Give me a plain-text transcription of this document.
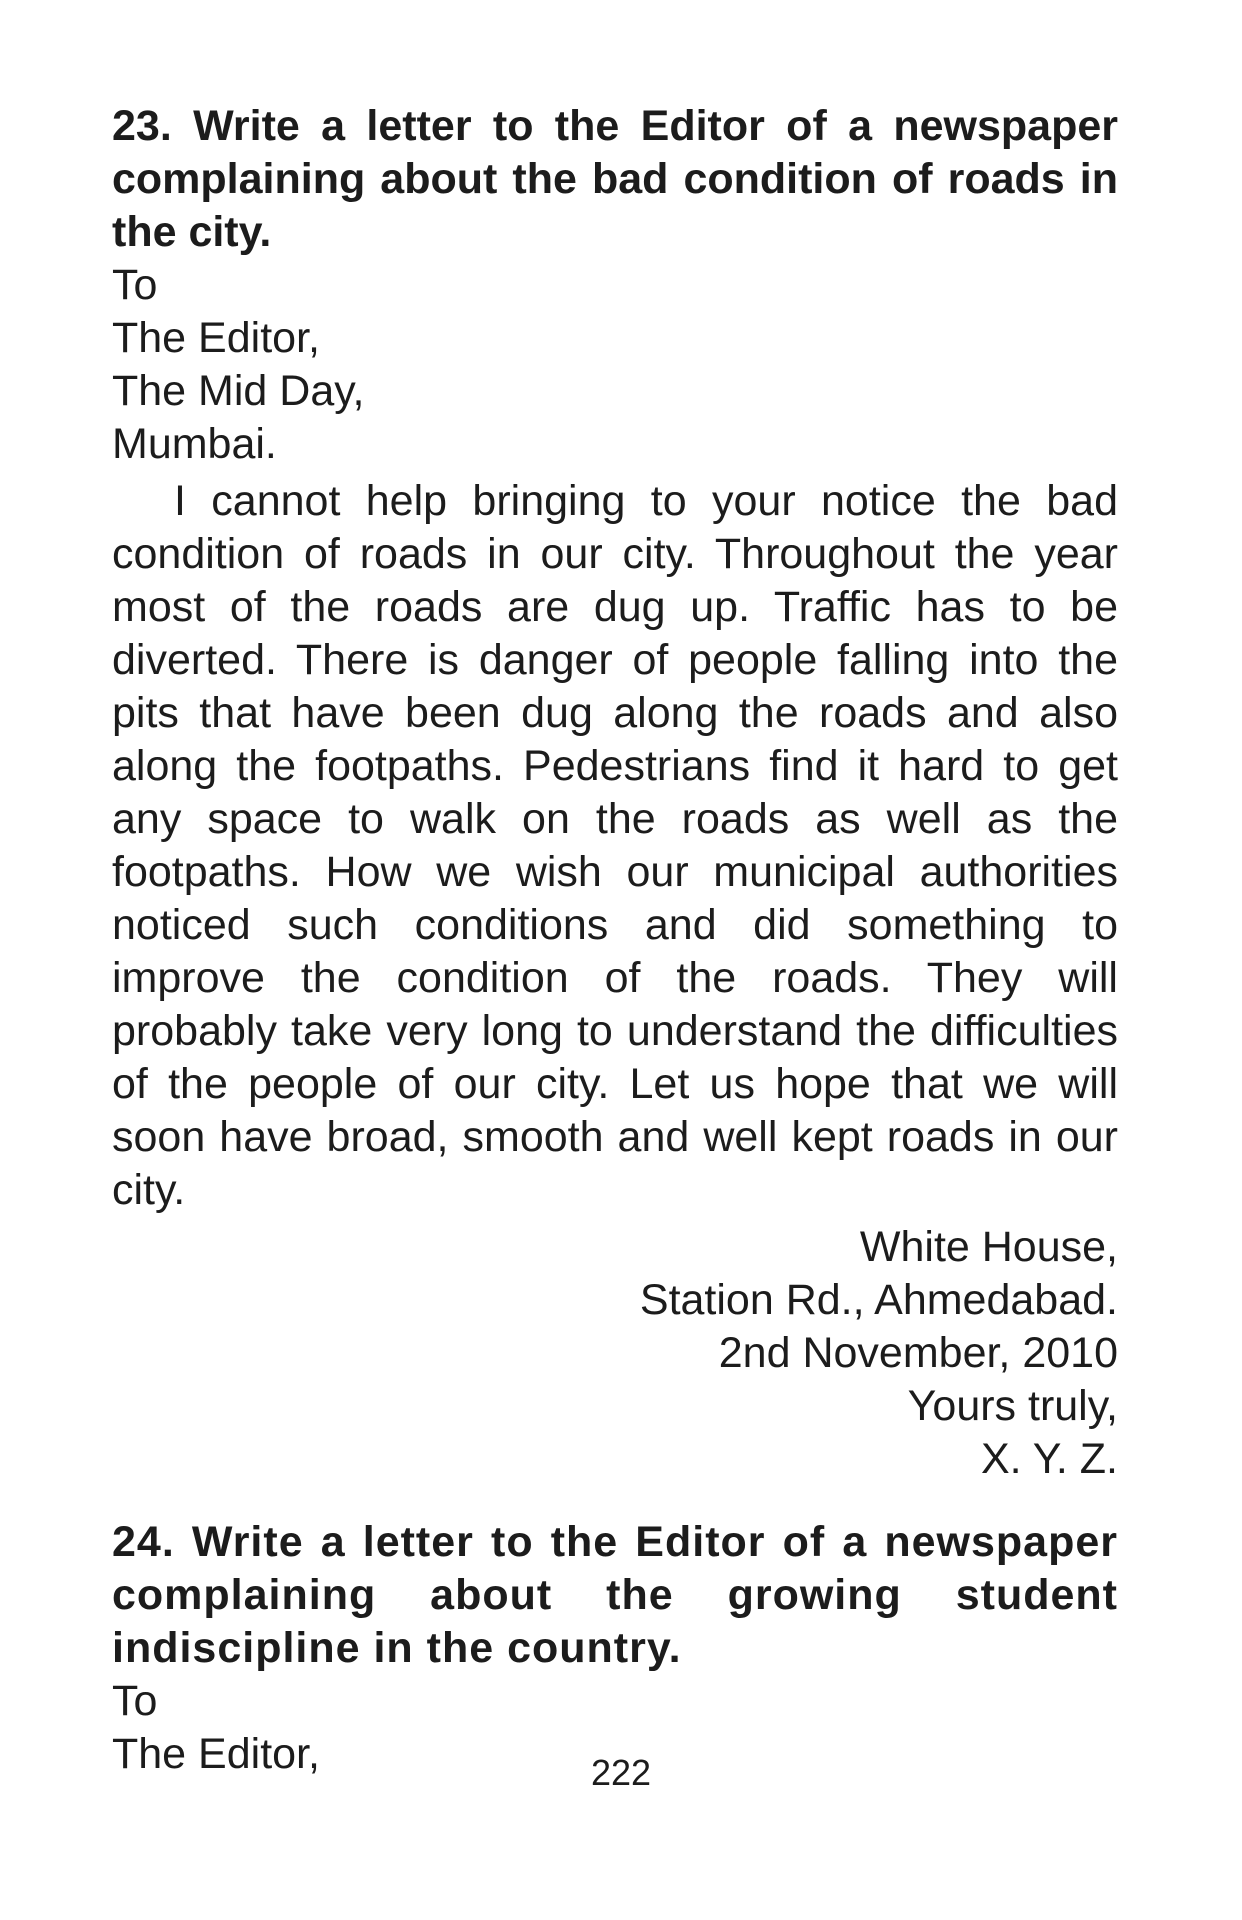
23. Write a letter to the Editor of a newspaper complaining about the bad condition of roads in the city.

To
The Editor,
The Mid Day,
Mumbai.

I cannot help bringing to your notice the bad condition of roads in our city. Throughout the year most of the roads are dug up. Traffic has to be diverted. There is danger of people falling into the pits that have been dug along the roads and also along the footpaths. Pedestrians find it hard to get any space to walk on the roads as well as the footpaths. How we wish our municipal authorities noticed such conditions and did something to improve the condition of the roads. They will probably take very long to understand the difficulties of the people of our city. Let us hope that we will soon have broad, smooth and well kept roads in our city.

White House,
Station Rd., Ahmedabad.
2nd November, 2010
Yours truly,
X. Y. Z.

24. Write a letter to the Editor of a newspaper complaining about the growing student indiscipline in the country.

To
The Editor,	222
